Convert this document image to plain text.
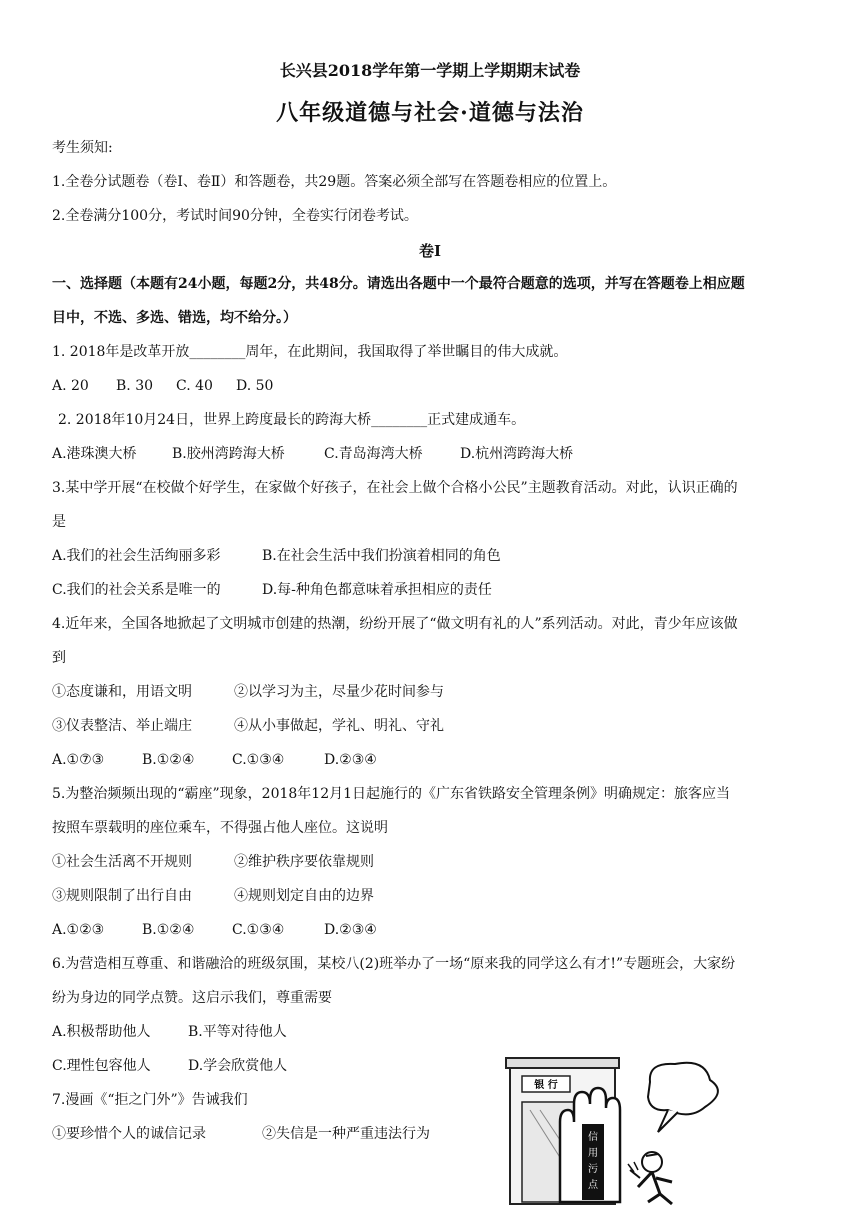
长兴县2018学年第一学期上学期期末试卷
八年级道德与社会·道德与法治
考生须知:
1.全卷分试题卷（卷Ⅰ、卷Ⅱ）和答题卷，共29题。答案必须全部写在答题卷相应的位置上。
2.全卷满分100分，考试时间90分钟，全卷实行闭卷考试。
卷Ⅰ
一、选择题（本题有24小题，每题2分，共48分。请选出各题中一个最符合题意的选项，并写在答题卷上相应题
目中，不选、多选、错选，均不给分。）
1. 2018年是改革开放________周年，在此期间，我国取得了举世瞩目的伟大成就。
A. 20 B. 30 C. 40 D. 50
2. 2018年10月24日，世界上跨度最长的跨海大桥________正式建成通车。
A.港珠澳大桥	B.胶州湾跨海大桥	C.青岛海湾大桥	D.杭州湾跨海大桥
3.某中学开展“在校做个好学生，在家做个好孩子，在社会上做个合格小公民”主题教育活动。对此，认识正确的
是
A.我们的社会生活绚丽多彩	B.在社会生活中我们扮演着相同的角色
C.我们的社会关系是唯一的	D.每-种角色都意味着承担相应的责任
4.近年来，全国各地掀起了文明城市创建的热潮，纷纷开展了“做文明有礼的人”系列活动。对此，青少年应该做
到
①态度谦和，用语文明	②以学习为主，尽量少花时间参与
③仪表整洁、举止端庄	④从小事做起，学礼、明礼、守礼
A.①⑦③	B.①②④	C.①③④	D.②③④
5.为整治频频出现的“霸座”现象，2018年12月1日起施行的《广东省铁路安全管理条例》明确规定：旅客应当
按照车票载明的座位乘车，不得强占他人座位。这说明
①社会生活离不开规则	②维护秩序要依靠规则
③规则限制了出行自由	④规则划定自由的边界
A.①②③	B.①②④	C.①③④	D.②③④
6.为营造相互尊重、和谐融洽的班级氛围，某校八(2)班举办了一场“原来我的同学这么有才!”专题班会，大家纷
纷为身边的同学点赞。这启示我们，尊重需要
A.积极帮助他人	B.平等对待他人
C.理性包容他人	D.学会欣赏他人
7.漫画《“拒之门外”》告诫我们
①要珍惜个人的诚信记录	②失信是一种严重违法行为
银 行
信
用
污
点
